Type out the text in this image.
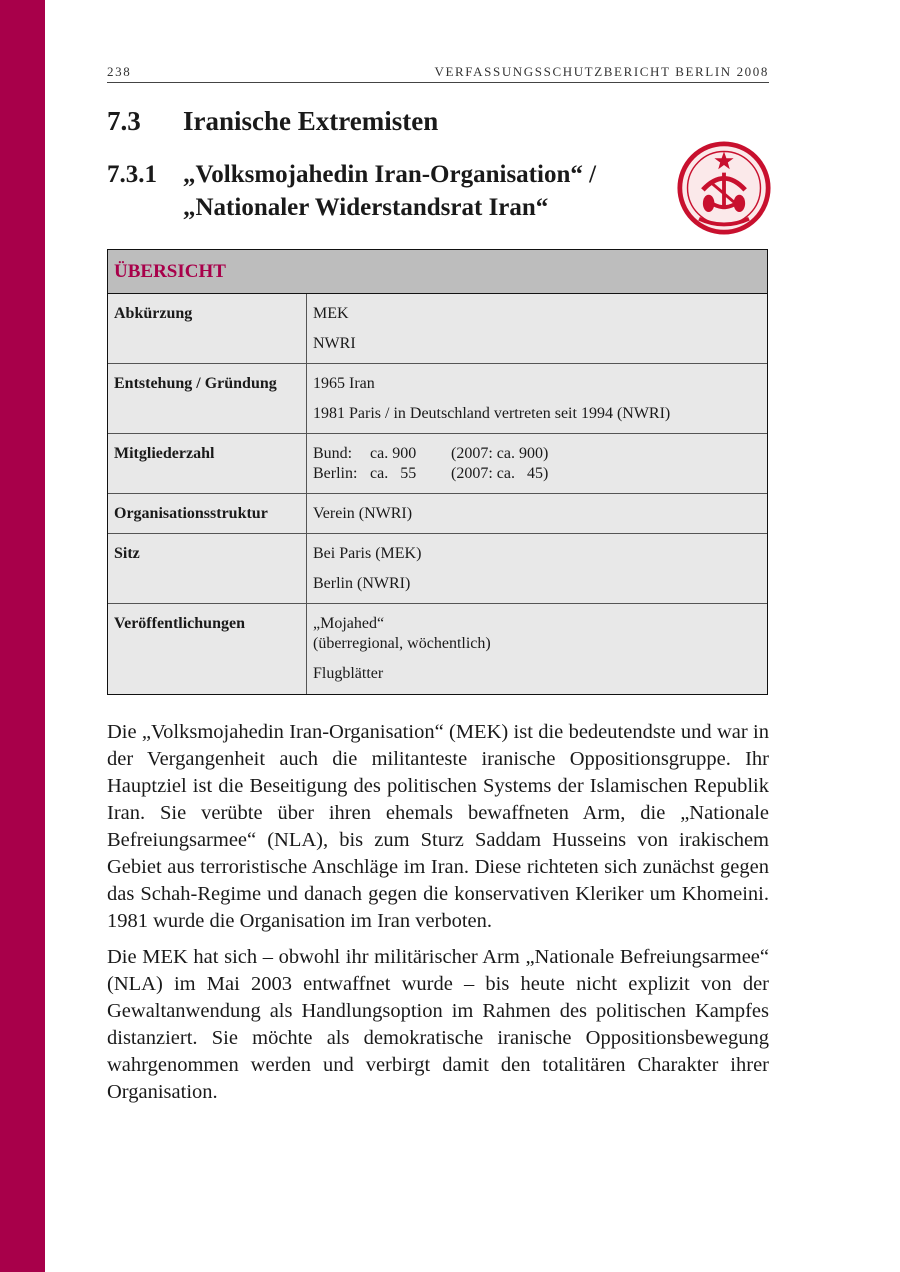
238	VERFASSUNGSSCHUTZBERICHT BERLIN 2008
7.3 Iranische Extremisten
7.3.1 „Volksmojahedin Iran-Organisation“ /
„Nationaler Widerstandsrat Iran“
ÜBERSICHT
Abkürzung	MEK
NWRI
Entstehung / Gründung	1965 Iran
1981 Paris / in Deutschland vertreten seit 1994 (NWRI)
Mitgliederzahl	Bund: ca. 900 (2007: ca. 900)
Berlin: ca.   55 (2007: ca.   45)
Organisationsstruktur	Verein (NWRI)
Sitz	Bei Paris (MEK)
Berlin (NWRI)
Veröffentlichungen	„Mojahed“
(überregional, wöchentlich)
Flugblätter

Die „Volksmojahedin Iran-Organisation“ (MEK) ist die bedeutendste und war in der Vergangenheit auch die militanteste iranische Oppositionsgruppe. Ihr Hauptziel ist die Beseitigung des politischen Systems der Islamischen Republik Iran. Sie verübte über ihren ehemals bewaffneten Arm, die „Nationale Befreiungsarmee“ (NLA), bis zum Sturz Saddam Husseins von irakischem Gebiet aus terroristische Anschläge im Iran. Diese richteten sich zunächst gegen das Schah-Regime und danach gegen die konservativen Kleriker um Khomeini. 1981 wurde die Organisation im Iran verboten.

Die MEK hat sich – obwohl ihr militärischer Arm „Nationale Befreiungsarmee“ (NLA) im Mai 2003 entwaffnet wurde – bis heute nicht explizit von der Gewaltanwendung als Handlungsoption im Rahmen des politischen Kampfes distanziert. Sie möchte als demokratische iranische Oppositionsbewegung wahrgenommen werden und verbirgt damit den totalitären Charakter ihrer Organisation.
